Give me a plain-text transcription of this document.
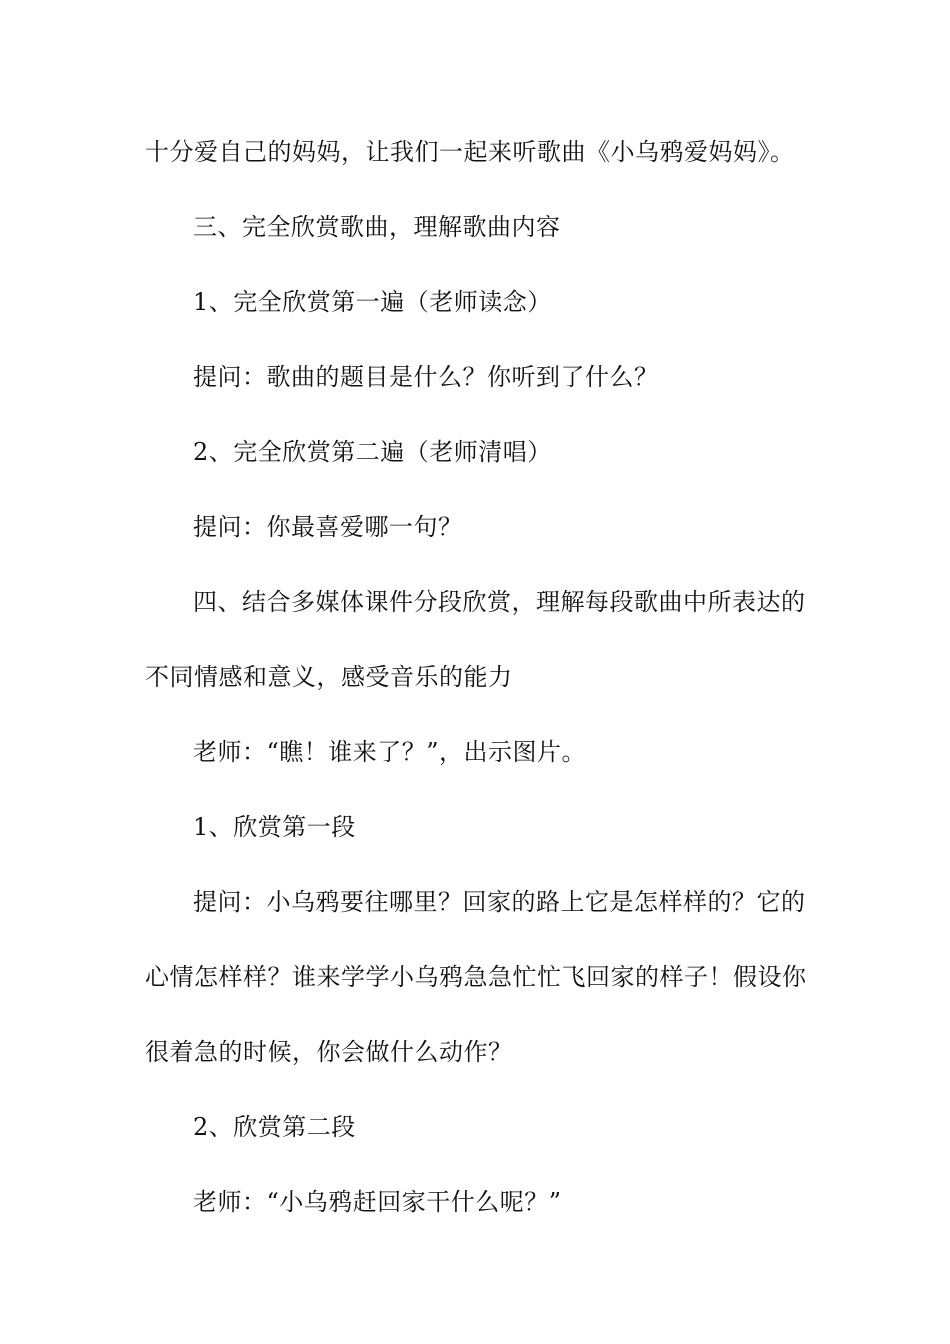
十分爱自己的妈妈，让我们一起来听歌曲《小乌鸦爱妈妈》。
三、完全欣赏歌曲，理解歌曲内容
1、完全欣赏第一遍（老师读念）
提问：歌曲的题目是什么？你听到了什么？
2、完全欣赏第二遍（老师清唱）
提问：你最喜爱哪一句？
四、结合多媒体课件分段欣赏，理解每段歌曲中所表达的
不同情感和意义，感受音乐的能力
老师：“瞧！谁来了？”，出示图片。
1、欣赏第一段
提问：小乌鸦要往哪里？回家的路上它是怎样样的？它的
心情怎样样？谁来学学小乌鸦急急忙忙飞回家的样子！假设你
很着急的时候，你会做什么动作？
2、欣赏第二段
老师：“小乌鸦赶回家干什么呢？”
